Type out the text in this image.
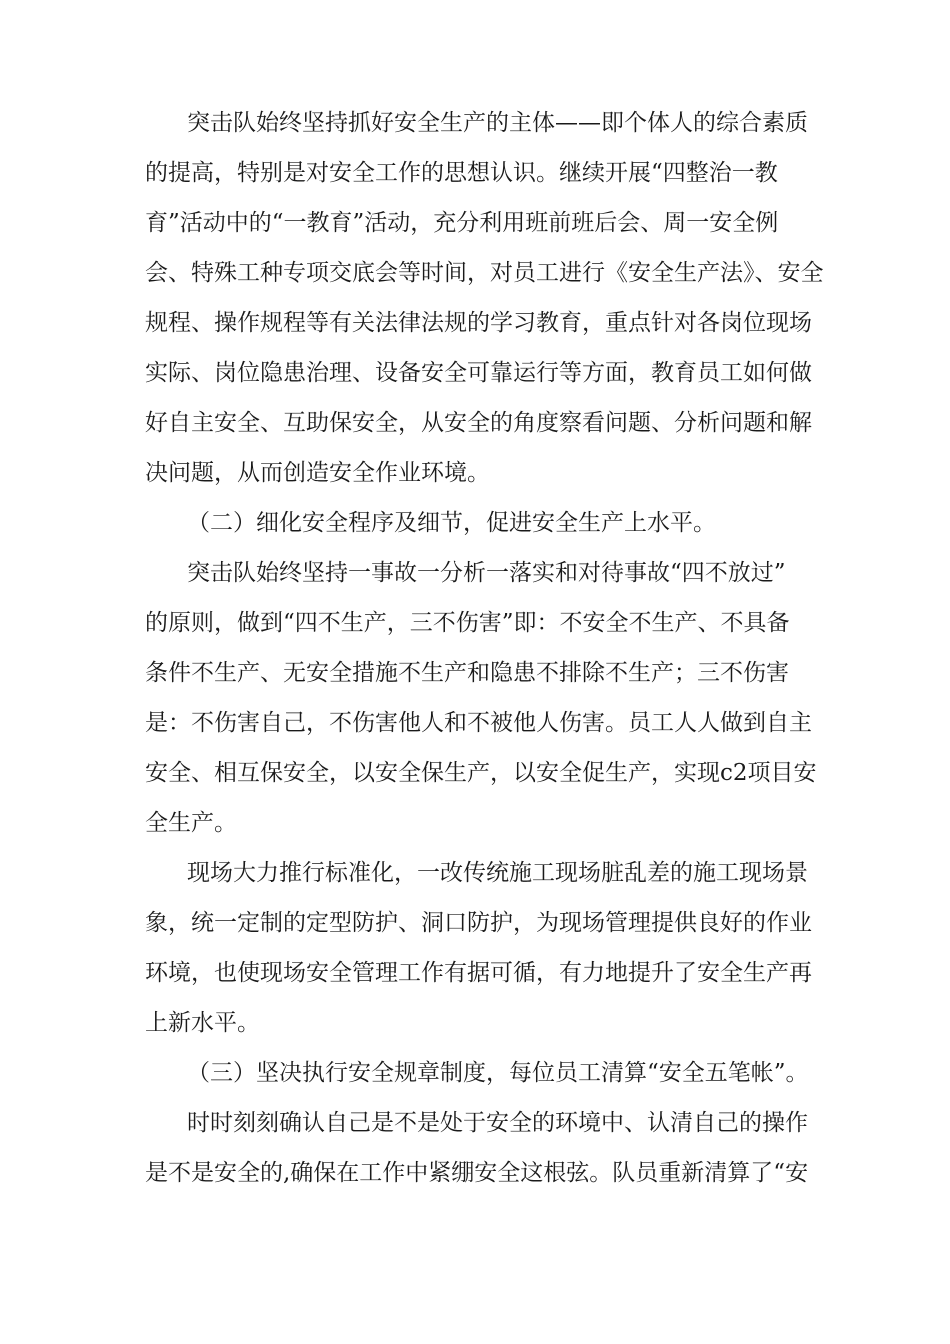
突击队始终坚持抓好安全生产的主体——即个体人的综合素质
的提高，特别是对安全工作的思想认识。继续开展“四整治一教
育”活动中的“一教育”活动，充分利用班前班后会、周一安全例
会、特殊工种专项交底会等时间，对员工进行《安全生产法》、安全
规程、操作规程等有关法律法规的学习教育，重点针对各岗位现场
实际、岗位隐患治理、设备安全可靠运行等方面，教育员工如何做
好自主安全、互助保安全，从安全的角度察看问题、分析问题和解
决问题，从而创造安全作业环境。
（二）细化安全程序及细节，促进安全生产上水平。
突击队始终坚持一事故一分析一落实和对待事故“四不放过”
的原则，做到“四不生产，三不伤害”即：不安全不生产、不具备
条件不生产、无安全措施不生产和隐患不排除不生产；三不伤害
是：不伤害自己，不伤害他人和不被他人伤害。员工人人做到自主
安全、相互保安全，以安全保生产，以安全促生产，实现c2项目安
全生产。
现场大力推行标准化，一改传统施工现场脏乱差的施工现场景
象，统一定制的定型防护、洞口防护，为现场管理提供良好的作业
环境，也使现场安全管理工作有据可循，有力地提升了安全生产再
上新水平。
（三）坚决执行安全规章制度，每位员工清算“安全五笔帐”。
时时刻刻确认自己是不是处于安全的环境中、认清自己的操作
是不是安全的,确保在工作中紧绷安全这根弦。队员重新清算了“安
